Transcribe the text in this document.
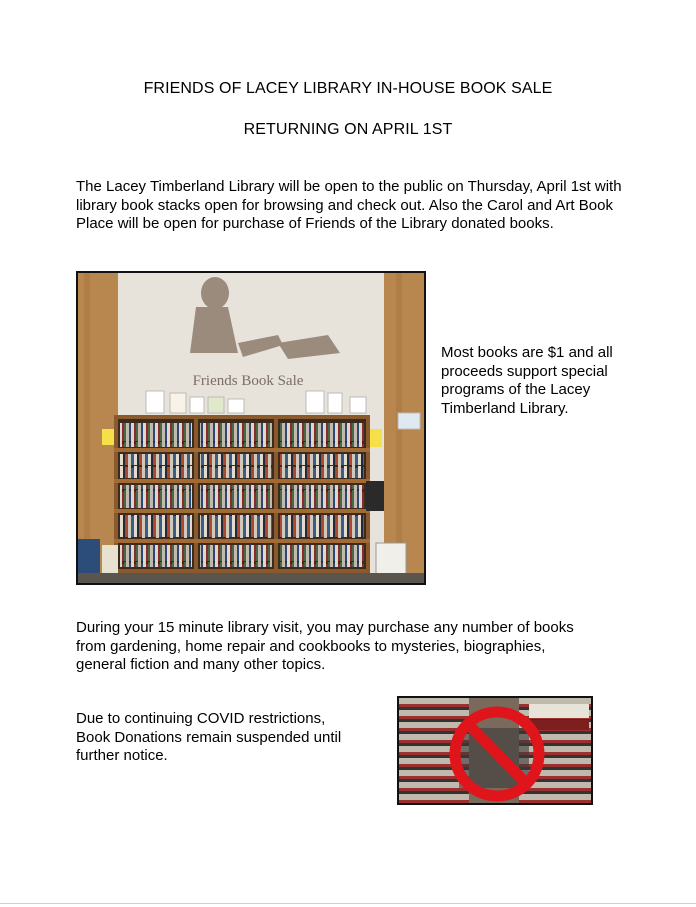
FRIENDS OF LACEY LIBRARY IN-HOUSE BOOK SALE
RETURNING ON APRIL 1ST
The Lacey Timberland Library will be open to the public on Thursday, April 1st with library book stacks open for browsing and check out. Also the Carol and Art Book Place will be open for purchase of Friends of the Library donated books.
Friends Book Sale
Most books are $1 and all proceeds support special programs of the Lacey Timberland Library.
During your 15 minute library visit, you may purchase any number of books from gardening, home repair and cookbooks to mysteries, biographies, general fiction and many other topics.
Due to continuing COVID restrictions, Book Donations remain suspended until further notice.
